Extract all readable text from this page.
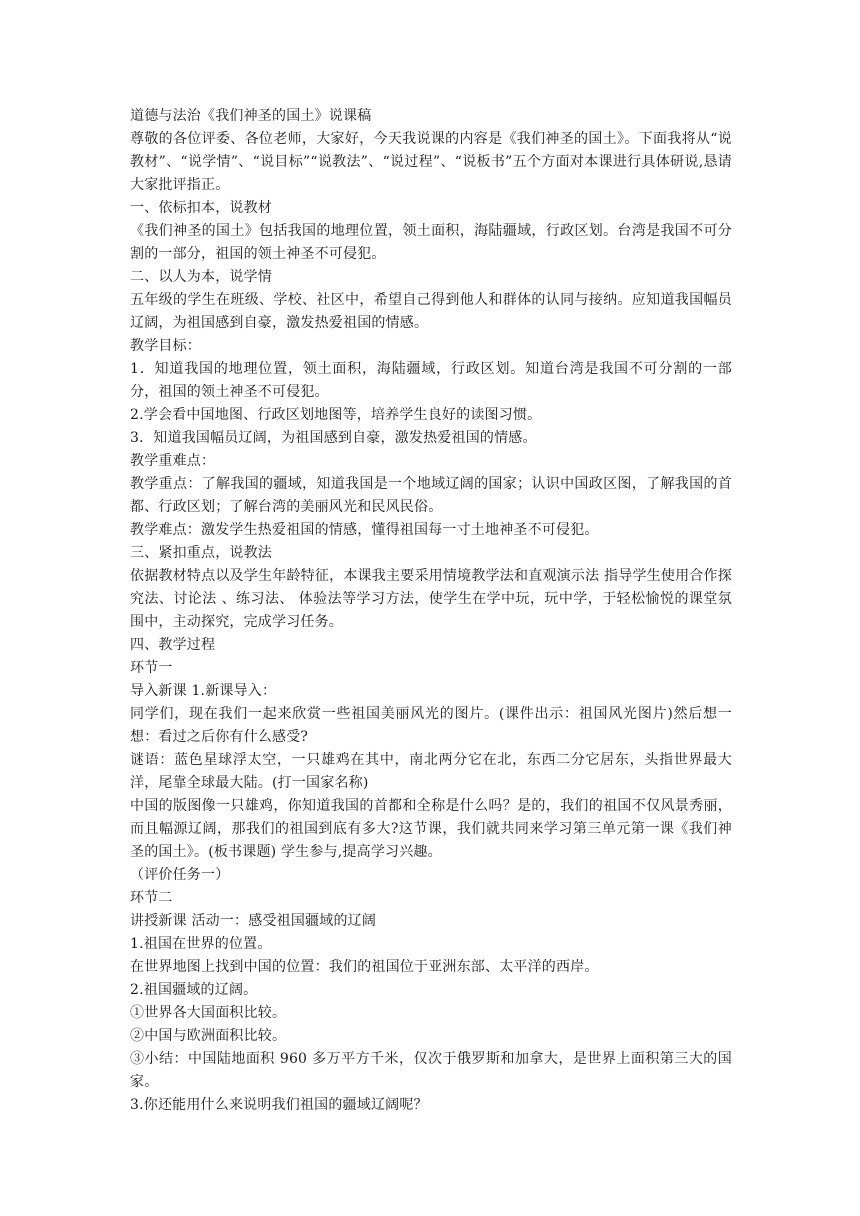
道德与法治《我们神圣的国土》说课稿

尊敬的各位评委、各位老师，大家好，今天我说课的内容是《我们神圣的国土》。下面我将从“说教材”、“说学情”、“说目标”“说教法”、“说过程”、“说板书”五个方面对本课进行具体研说,恳请大家批评指正。

一、依标扣本，说教材

《我们神圣的国土》包括我国的地理位置，领土面积，海陆疆域，行政区划。台湾是我国不可分割的一部分，祖国的领土神圣不可侵犯。

二、以人为本，说学情

五年级的学生在班级、学校、社区中，希望自己得到他人和群体的认同与接纳。应知道我国幅员辽阔，为祖国感到自豪，激发热爱祖国的情感。

教学目标：

1．知道我国的地理位置，领土面积，海陆疆域，行政区划。知道台湾是我国不可分割的一部分，祖国的领土神圣不可侵犯。

2.学会看中国地图、行政区划地图等，培养学生良好的读图习惯。

3．知道我国幅员辽阔，为祖国感到自豪，激发热爱祖国的情感。

教学重难点：

教学重点：了解我国的疆域，知道我国是一个地域辽阔的国家；认识中国政区图，了解我国的首都、行政区划；了解台湾的美丽风光和民风民俗。

教学难点：激发学生热爱祖国的情感，懂得祖国每一寸土地神圣不可侵犯。

三、紧扣重点，说教法

依据教材特点以及学生年龄特征，本课我主要采用情境教学法和直观演示法 指导学生使用合作探究法、讨论法 、练习法、 体验法等学习方法，使学生在学中玩，玩中学，于轻松愉悦的课堂氛围中，主动探究，完成学习任务。

四、教学过程

环节一

导入新课 1.新课导入：

同学们，现在我们一起来欣赏一些祖国美丽风光的图片。(课件出示：祖国风光图片)然后想一想：看过之后你有什么感受?

谜语：蓝色星球浮太空，一只雄鸡在其中，南北两分它在北，东西二分它居东，头指世界最大洋，尾靠全球最大陆。(打一国家名称)

中国的版图像一只雄鸡，你知道我国的首都和全称是什么吗？是的，我们的祖国不仅风景秀丽，而且幅源辽阔，那我们的祖国到底有多大?这节课，我们就共同来学习第三单元第一课《我们神圣的国土》。(板书课题) 学生参与,提高学习兴趣。

（评价任务一）

环节二

讲授新课 活动一：感受祖国疆域的辽阔

1.祖国在世界的位置。

在世界地图上找到中国的位置：我们的祖国位于亚洲东部、太平洋的西岸。

2.祖国疆域的辽阔。

①世界各大国面积比较。

②中国与欧洲面积比较。

③小结：中国陆地面积 960 多万平方千米，仅次于俄罗斯和加拿大，是世界上面积第三大的国家。

3.你还能用什么来说明我们祖国的疆域辽阔呢？
